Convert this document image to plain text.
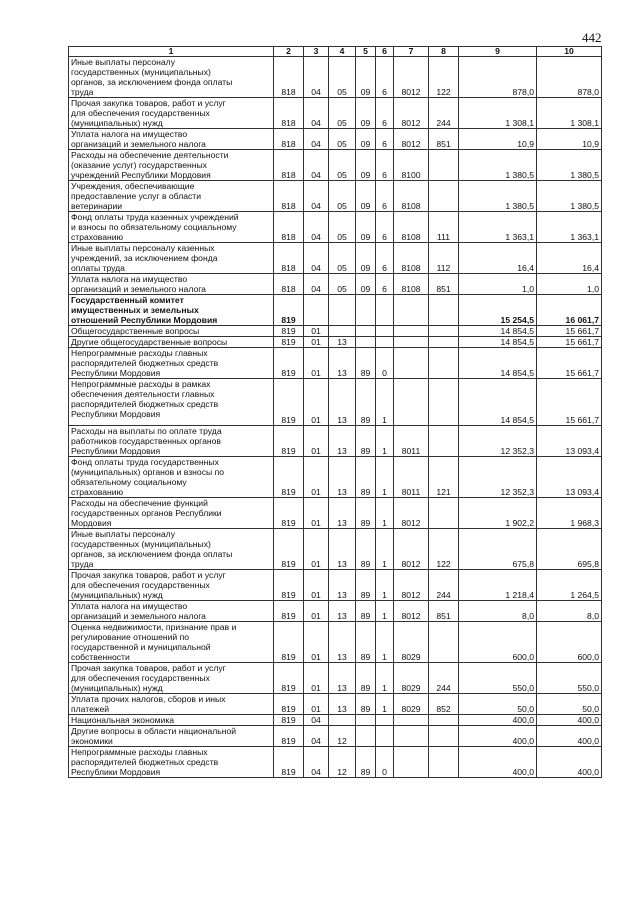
442
1	2	3	4	5	6	7	8	9	10
Иные выплаты персоналу
государственных (муниципальных)
органов, за исключением фонда оплаты
труда	818	04	05	09	6	8012	122	878,0	878,0
Прочая закупка товаров, работ и услуг
для обеспечения государственных
(муниципальных) нужд	818	04	05	09	6	8012	244	1 308,1	1 308,1
Уплата налога на имущество
организаций и земельного налога	818	04	05	09	6	8012	851	10,9	10,9
Расходы на обеспечение деятельности
(оказание услуг) государственных
учреждений Республики Мордовия	818	04	05	09	6	8100		1 380,5	1 380,5
Учреждения, обеспечивающие
предоставление услуг в области
ветеринарии	818	04	05	09	6	8108		1 380,5	1 380,5
Фонд оплаты труда казенных учреждений
и взносы по обязательному социальному
страхованию	818	04	05	09	6	8108	111	1 363,1	1 363,1
Иные выплаты персоналу казенных
учреждений, за исключением фонда
оплаты труда	818	04	05	09	6	8108	112	16,4	16,4
Уплата налога на имущество
организаций и земельного налога	818	04	05	09	6	8108	851	1,0	1,0
Государственный комитет
имущественных и земельных
отношений Республики Мордовия	819							15 254,5	16 061,7
Общегосударственные вопросы	819	01						14 854,5	15 661,7
Другие общегосударственные вопросы	819	01	13					14 854,5	15 661,7
Непрограммные расходы главных
распорядителей бюджетных средств
Республики Мордовия	819	01	13	89	0			14 854,5	15 661,7
Непрограммные расходы в рамках
обеспечения деятельности главных
распорядителей бюджетных средств
Республики Мордовия	819	01	13	89	1			14 854,5	15 661,7
Расходы на выплаты по оплате труда
работников государственных органов
Республики Мордовия	819	01	13	89	1	8011		12 352,3	13 093,4
Фонд оплаты труда государственных
(муниципальных) органов и взносы по
обязательному социальному
страхованию	819	01	13	89	1	8011	121	12 352,3	13 093,4
Расходы на обеспечение функций
государственных органов Республики
Мордовия	819	01	13	89	1	8012		1 902,2	1 968,3
Иные выплаты персоналу
государственных (муниципальных)
органов, за исключением фонда оплаты
труда	819	01	13	89	1	8012	122	675,8	695,8
Прочая закупка товаров, работ и услуг
для обеспечения государственных
(муниципальных) нужд	819	01	13	89	1	8012	244	1 218,4	1 264,5
Уплата налога на имущество
организаций и земельного налога	819	01	13	89	1	8012	851	8,0	8,0
Оценка недвижимости, признание прав и
регулирование отношений по
государственной и муниципальной
собственности	819	01	13	89	1	8029		600,0	600,0
Прочая закупка товаров, работ и услуг
для обеспечения государственных
(муниципальных) нужд	819	01	13	89	1	8029	244	550,0	550,0
Уплата прочих налогов, сборов и иных
платежей	819	01	13	89	1	8029	852	50,0	50,0
Национальная экономика	819	04						400,0	400,0
Другие вопросы в области национальной
экономики	819	04	12					400,0	400,0
Непрограммные расходы главных
распорядителей бюджетных средств
Республики Мордовия	819	04	12	89	0			400,0	400,0
